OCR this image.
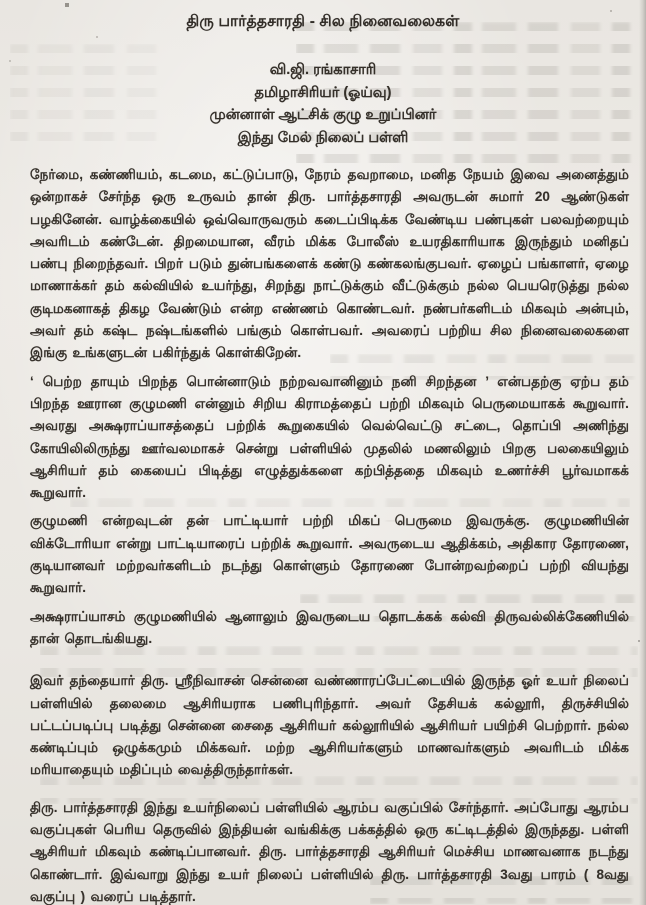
திரு பார்த்தசாரதி - சில நினைவலைகள்
வி.ஜி. ரங்காசாரி
தமிழாசிரியர் (ஓய்வு)
முன்னாள் ஆட்சிக் குழு உறுப்பினர்
இந்து மேல் நிலைப் பள்ளி

நேர்மை, கண்ணியம், கடமை, கட்டுப்பாடு, நேரம் தவறாமை, மனித நேயம் இவை அனைத்தும் ஒன்றாகச் சேர்ந்த ஒரு உருவம் தான் திரு. பார்த்தசாரதி அவருடன் சுமார் 20 ஆண்டுகள் பழகினேன். வாழ்க்கையில் ஒவ்வொருவரும் கடைப்பிடிக்க வேண்டிய பண்புகள் பலவற்றையும் அவரிடம் கண்டேன். திறமையான, வீரம் மிக்க போலீஸ் உயரதிகாரியாக இருந்தும் மனிதப் பண்பு நிறைந்தவர். பிறர் படும் துன்பங்களைக் கண்டு கண்கலங்குபவர். ஏழைப் பங்காளர், ஏழை மாணாக்கர் தம் கல்வியில் உயர்ந்து, சிறந்து நாட்டுக்கும் வீட்டுக்கும் நல்ல பெயரெடுத்து நல்ல குடிமகனாகத் திகழ வேண்டும் என்ற எண்ணம் கொண்டவர். நண்பர்களிடம் மிகவும் அன்பும், அவர் தம் கஷ்ட நஷ்டங்களில் பங்கும் கொள்பவர். அவரைப் பற்றிய சில நினைவலைகளை இங்கு உங்களுடன் பகிர்ந்துக் கொள்கிறேன்.

‘ பெற்ற தாயும் பிறந்த பொன்னாடும் நற்றவவானினும் நனி சிறந்தன ’ என்பதற்கு ஏற்ப தம் பிறந்த ஊரான குழுமணி என்னும் சிறிய கிராமத்தைப் பற்றி மிகவும் பெருமையாகக் கூறுவார். அவரது அக்ஷராப்யாசத்தைப் பற்றிக் கூறுகையில் வெல்வெட்டு சட்டை, தொப்பி அணிந்து கோயிலிலிருந்து ஊர்வலமாகச் சென்று பள்ளியில் முதலில் மணலிலும் பிறகு பலகையிலும் ஆசிரியர் தம் கையைப் பிடித்து எழுத்துக்களை கற்பித்ததை மிகவும் உணர்ச்சி பூர்வமாகக் கூறுவார்.

குழுமணி என்றவுடன் தன் பாட்டியார் பற்றி மிகப் பெருமை இவருக்கு. குழுமணியின் விக்டோரியா என்று பாட்டியாரைப் பற்றிக் கூறுவார். அவருடைய ஆதிக்கம், அதிகார தோரணை, குடியானவர் மற்றவர்களிடம் நடந்து கொள்ளும் தோரணை போன்றவற்றைப் பற்றி வியந்து கூறுவார்.

அக்ஷராப்யாசம் குழுமணியில் ஆனாலும் இவருடைய தொடக்கக் கல்வி திருவல்லிக்கேணியில் தான் தொடங்கியது.

இவர் தந்தையார் திரு. ஸ்ரீநிவாசன் சென்னை வண்ணாரப்பேட்டையில் இருந்த ஓர் உயர் நிலைப் பள்ளியில் தலைமை ஆசிரியராக பணிபுரிந்தார். அவர் தேசியக் கல்லூரி, திருச்சியில் பட்டப்படிப்பு படித்து சென்னை சைதை ஆசிரியர் கல்லூரியில் ஆசிரியர் பயிற்சி பெற்றார். நல்ல கண்டிப்பும் ஒழுக்கமும் மிக்கவர். மற்ற ஆசிரியர்களும் மாணவர்களும் அவரிடம் மிக்க மரியாதையும் மதிப்பும் வைத்திருந்தார்கள்.

திரு. பார்த்தசாரதி இந்து உயர்நிலைப் பள்ளியில் ஆரம்ப வகுப்பில் சேர்ந்தார். அப்போது ஆரம்ப வகுப்புகள் பெரிய தெருவில் இந்தியன் வங்கிக்கு பக்கத்தில் ஒரு கட்டிடத்தில் இருந்தது. பள்ளி ஆசிரியர் மிகவும் கண்டிப்பானவர். திரு. பார்த்தசாரதி ஆசிரியர் மெச்சிய மாணவனாக நடந்து கொண்டார். இவ்வாறு இந்து உயர் நிலைப் பள்ளியில் திரு. பார்த்தசாரதி 3வது பாரம் ( 8வது வகுப்பு ) வரைப் படித்தார்.
